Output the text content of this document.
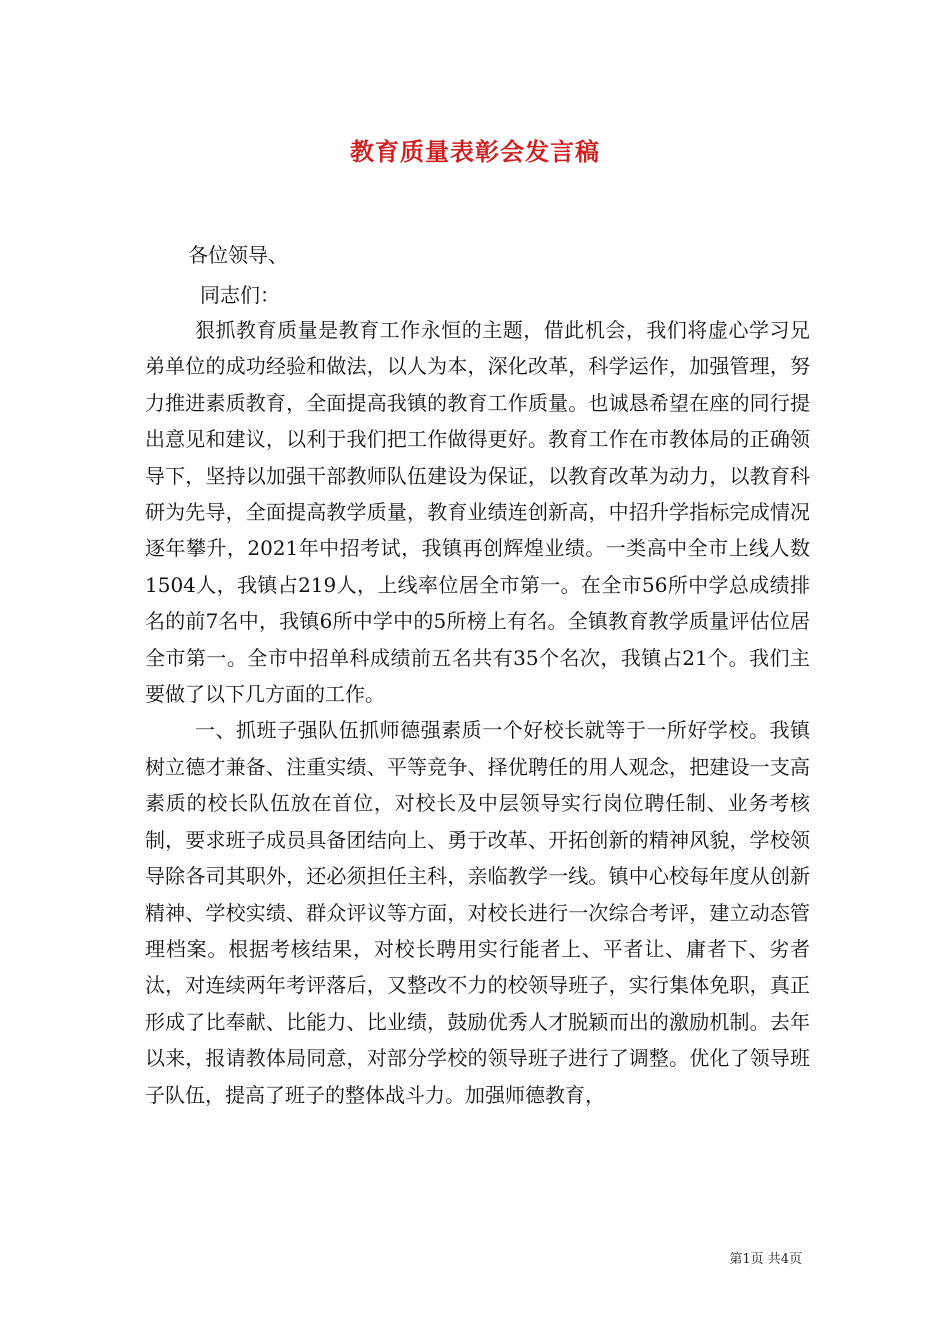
教育质量表彰会发言稿
各位领导、
同志们：

狠抓教育质量是教育工作永恒的主题，借此机会，我们将虚心学习兄弟单位的成功经验和做法，以人为本，深化改革，科学运作，加强管理，努力推进素质教育，全面提高我镇的教育工作质量。也诚恳希望在座的同行提出意见和建议，以利于我们把工作做得更好。教育工作在市教体局的正确领导下，坚持以加强干部教师队伍建设为保证，以教育改革为动力，以教育科研为先导，全面提高教学质量，教育业绩连创新高，中招升学指标完成情况逐年攀升，2021年中招考试，我镇再创辉煌业绩。一类高中全市上线人数1504人，我镇占219人，上线率位居全市第一。在全市56所中学总成绩排名的前7名中，我镇6所中学中的5所榜上有名。全镇教育教学质量评估位居全市第一。全市中招单科成绩前五名共有35个名次，我镇占21个。我们主要做了以下几方面的工作。

一、抓班子强队伍抓师德强素质一个好校长就等于一所好学校。我镇树立德才兼备、注重实绩、平等竞争、择优聘任的用人观念，把建设一支高素质的校长队伍放在首位，对校长及中层领导实行岗位聘任制、业务考核制，要求班子成员具备团结向上、勇于改革、开拓创新的精神风貌，学校领导除各司其职外，还必须担任主科，亲临教学一线。镇中心校每年度从创新精神、学校实绩、群众评议等方面，对校长进行一次综合考评，建立动态管理档案。根据考核结果，对校长聘用实行能者上、平者让、庸者下、劣者汰，对连续两年考评落后，又整改不力的校领导班子，实行集体免职，真正形成了比奉献、比能力、比业绩，鼓励优秀人才脱颖而出的激励机制。去年以来，报请教体局同意，对部分学校的领导班子进行了调整。优化了领导班子队伍，提高了班子的整体战斗力。加强师德教育，

第1页 共4页
